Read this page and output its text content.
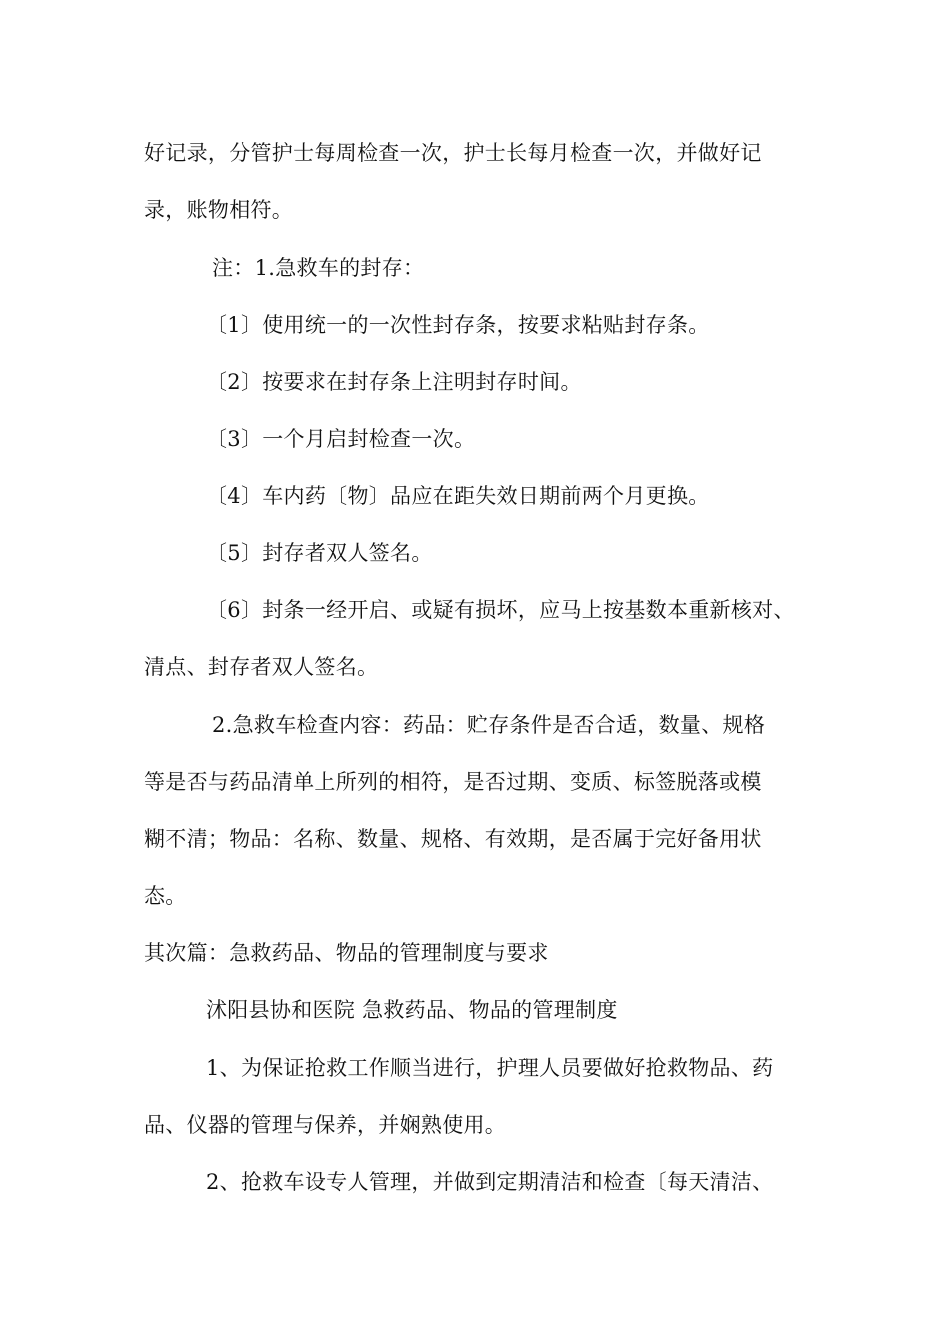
好记录，分管护士每周检查一次，护士长每月检查一次，并做好记
录，账物相符。
注：1.急救车的封存：
〔1〕使用统一的一次性封存条，按要求粘贴封存条。
〔2〕按要求在封存条上注明封存时间。
〔3〕一个月启封检查一次。
〔4〕车内药〔物〕品应在距失效日期前两个月更换。
〔5〕封存者双人签名。
〔6〕封条一经开启、或疑有损坏，应马上按基数本重新核对、
清点、封存者双人签名。
2.急救车检查内容：药品：贮存条件是否合适，数量、规格
等是否与药品清单上所列的相符，是否过期、变质、标签脱落或模
糊不清；物品：名称、数量、规格、有效期，是否属于完好备用状
态。
其次篇：急救药品、物品的管理制度与要求
沭阳县协和医院 急救药品、物品的管理制度
1、为保证抢救工作顺当进行，护理人员要做好抢救物品、药
品、仪器的管理与保养，并娴熟使用。
2、抢救车设专人管理，并做到定期清洁和检查〔每天清洁、
